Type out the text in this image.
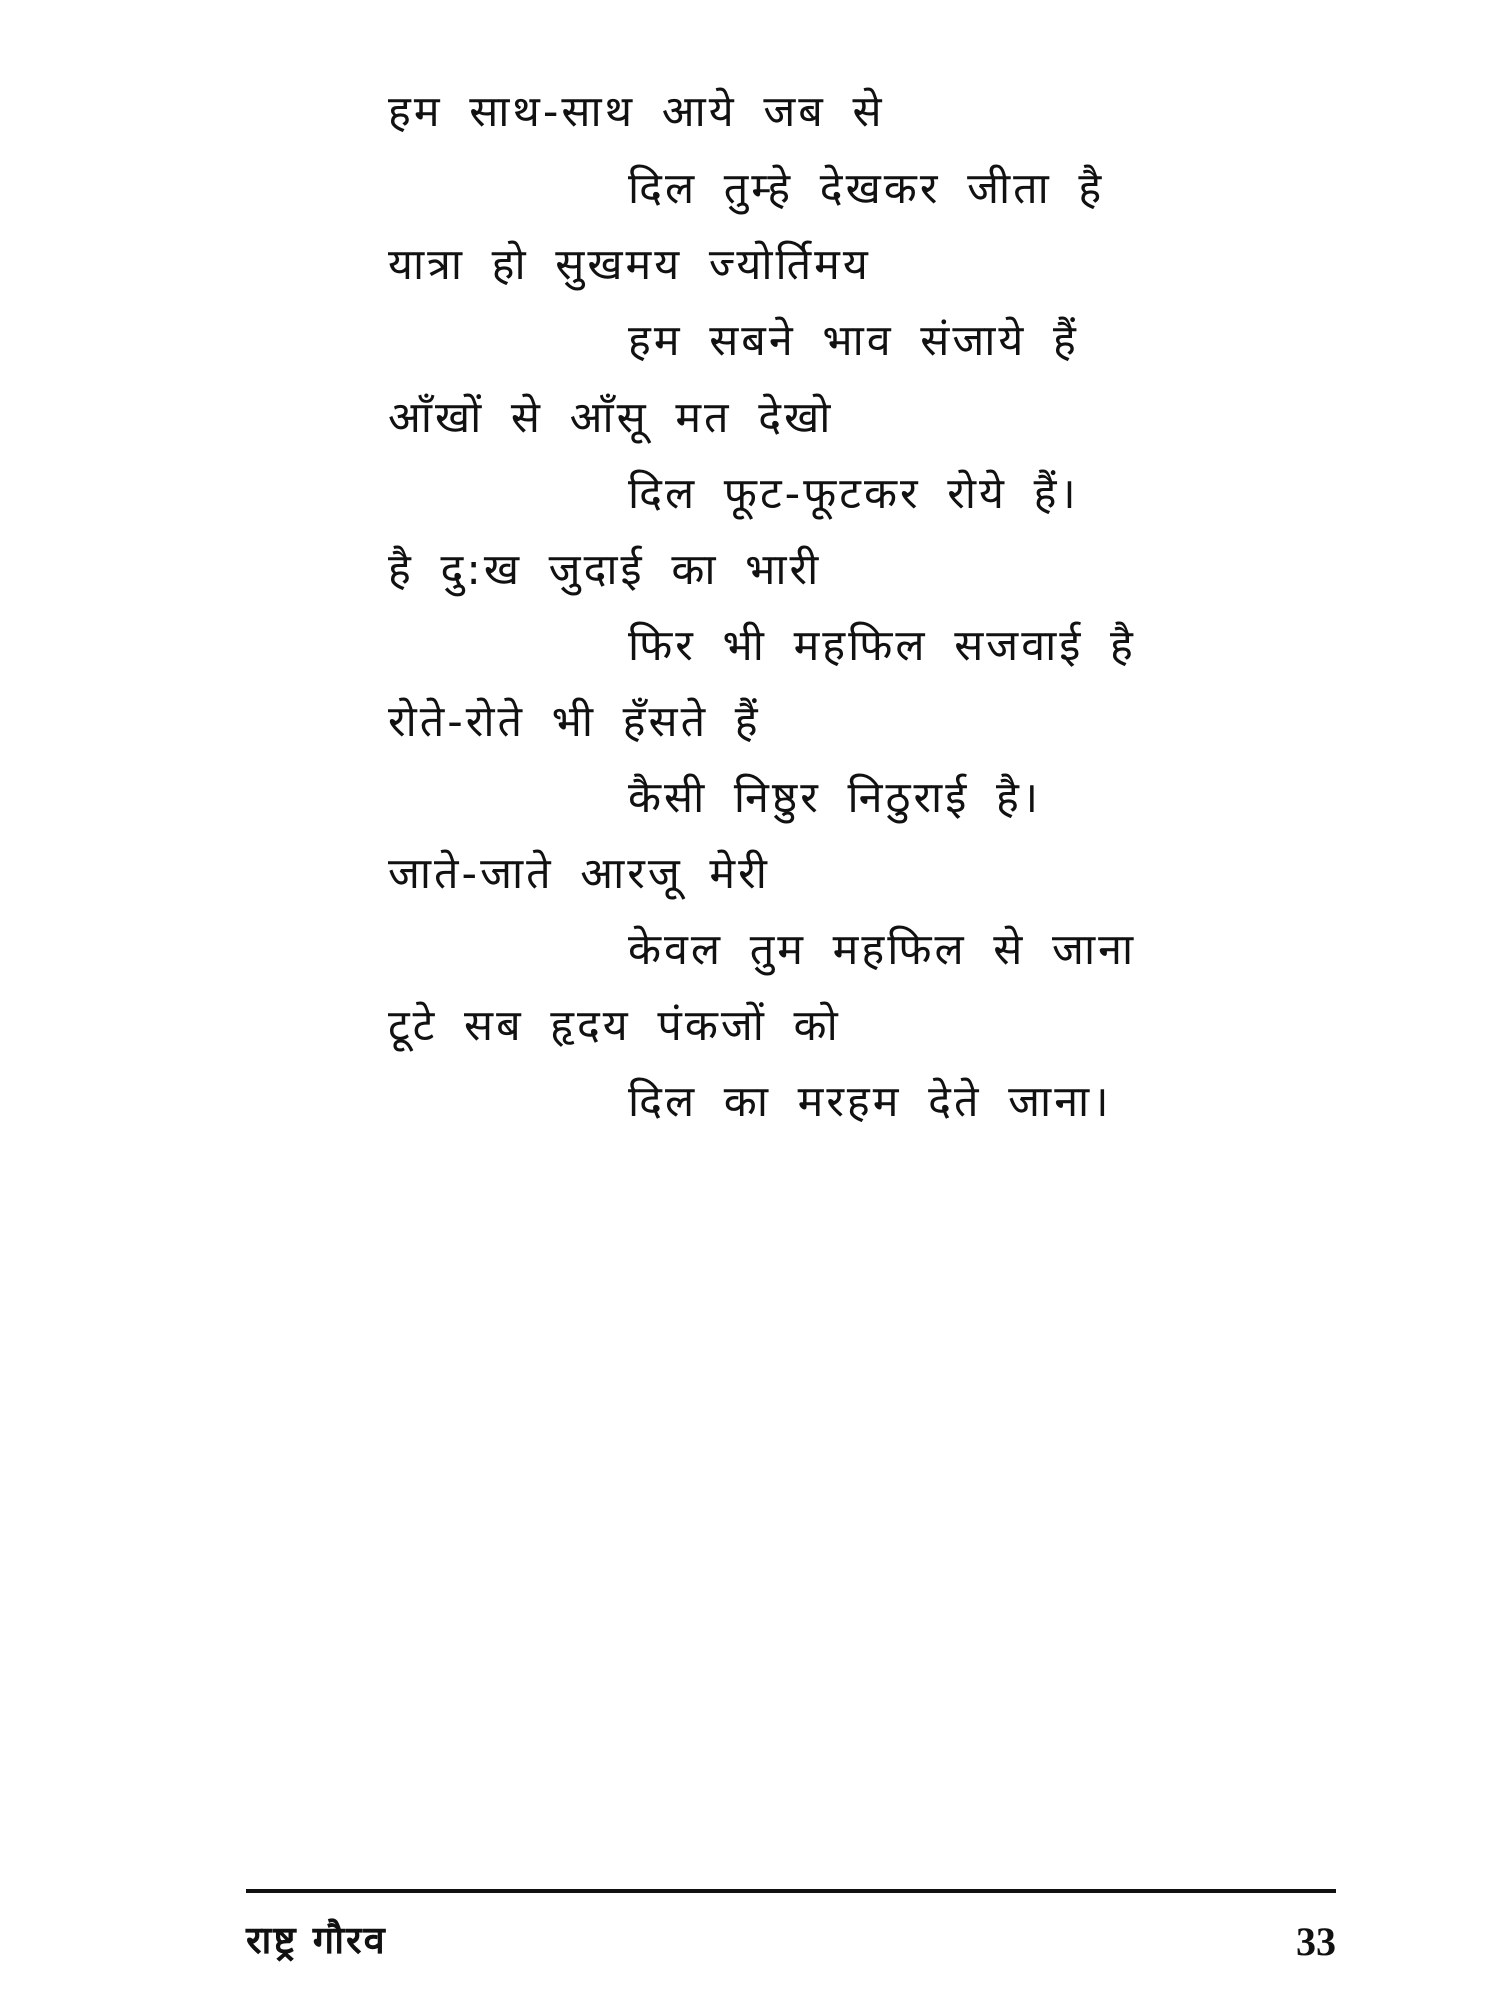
हम साथ-साथ आये जब से
दिल तुम्हे देखकर जीता है
यात्रा हो सुखमय ज्योर्तिमय
हम सबने भाव संजाये हैं
आँखों से आँसू मत देखो
दिल फूट-फूटकर रोये हैं।
है दु:ख जुदाई का भारी
फिर भी महफिल सजवाई है
रोते-रोते भी हँसते हैं
कैसी निष्ठुर निठुराई है।
जाते-जाते आरजू मेरी
केवल तुम महफिल से जाना
टूटे सब हृदय पंकजों को
दिल का मरहम देते जाना।
राष्ट्र गौरव	33
